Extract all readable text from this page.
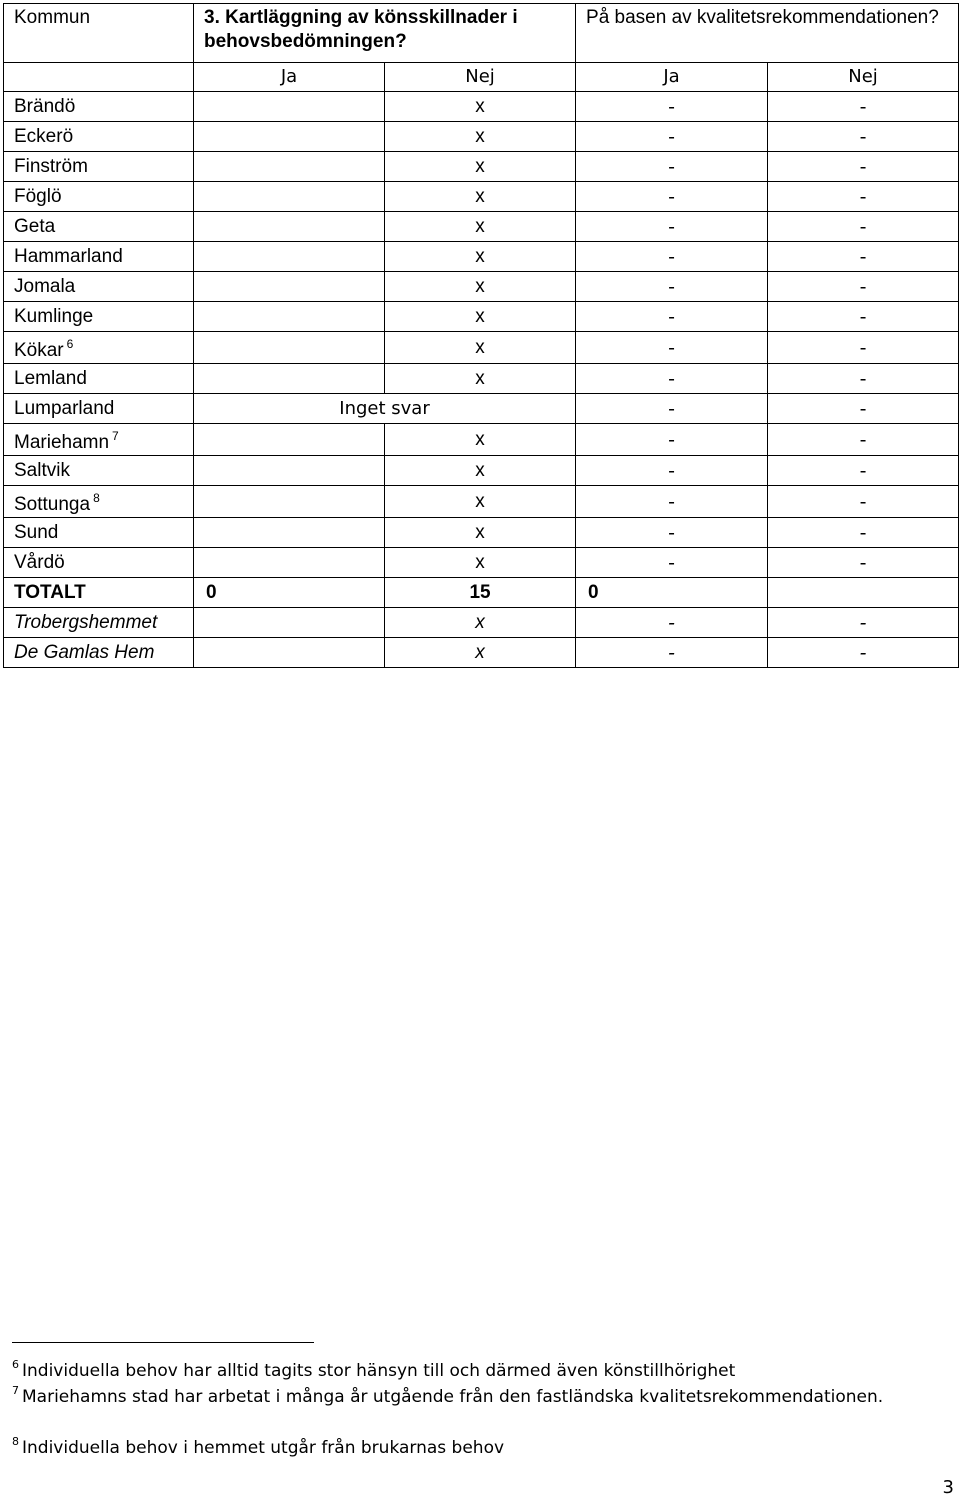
Kommun	3. Kartläggning av könsskillnader i behovsbedömningen?		På basen av kvalitetsrekommendationen?	
	Ja	Nej	Ja	Nej
Brändö		x	-	-
Eckerö		x	-	-
Finström		x	-	-
Föglö		x	-	-
Geta		x	-	-
Hammarland		x	-	-
Jomala		x	-	-
Kumlinge		x	-	-
Kökar $^6$		x	-	-
Lemland		x	-	-
Lumparland	Inget svar		-	-
Mariehamn $^7$		x	-	-
Saltvik		x	-	-
Sottunga $^8$		x	-	-
Sund		x	-	-
Vårdö		x	-	-
TOTALT	0	15	0	
Trobergshemmet		x	-	-
De Gamlas Hem		x	-	-
$^6$ Individuella behov har alltid tagits stor hänsyn till och därmed även könstillhörighet
$^7$ Mariehamns stad har arbetat i många år utgående från den fastländska kvalitetsrekommendationen.
$^8$ Individuella behov i hemmet utgår från brukarnas behov
3
